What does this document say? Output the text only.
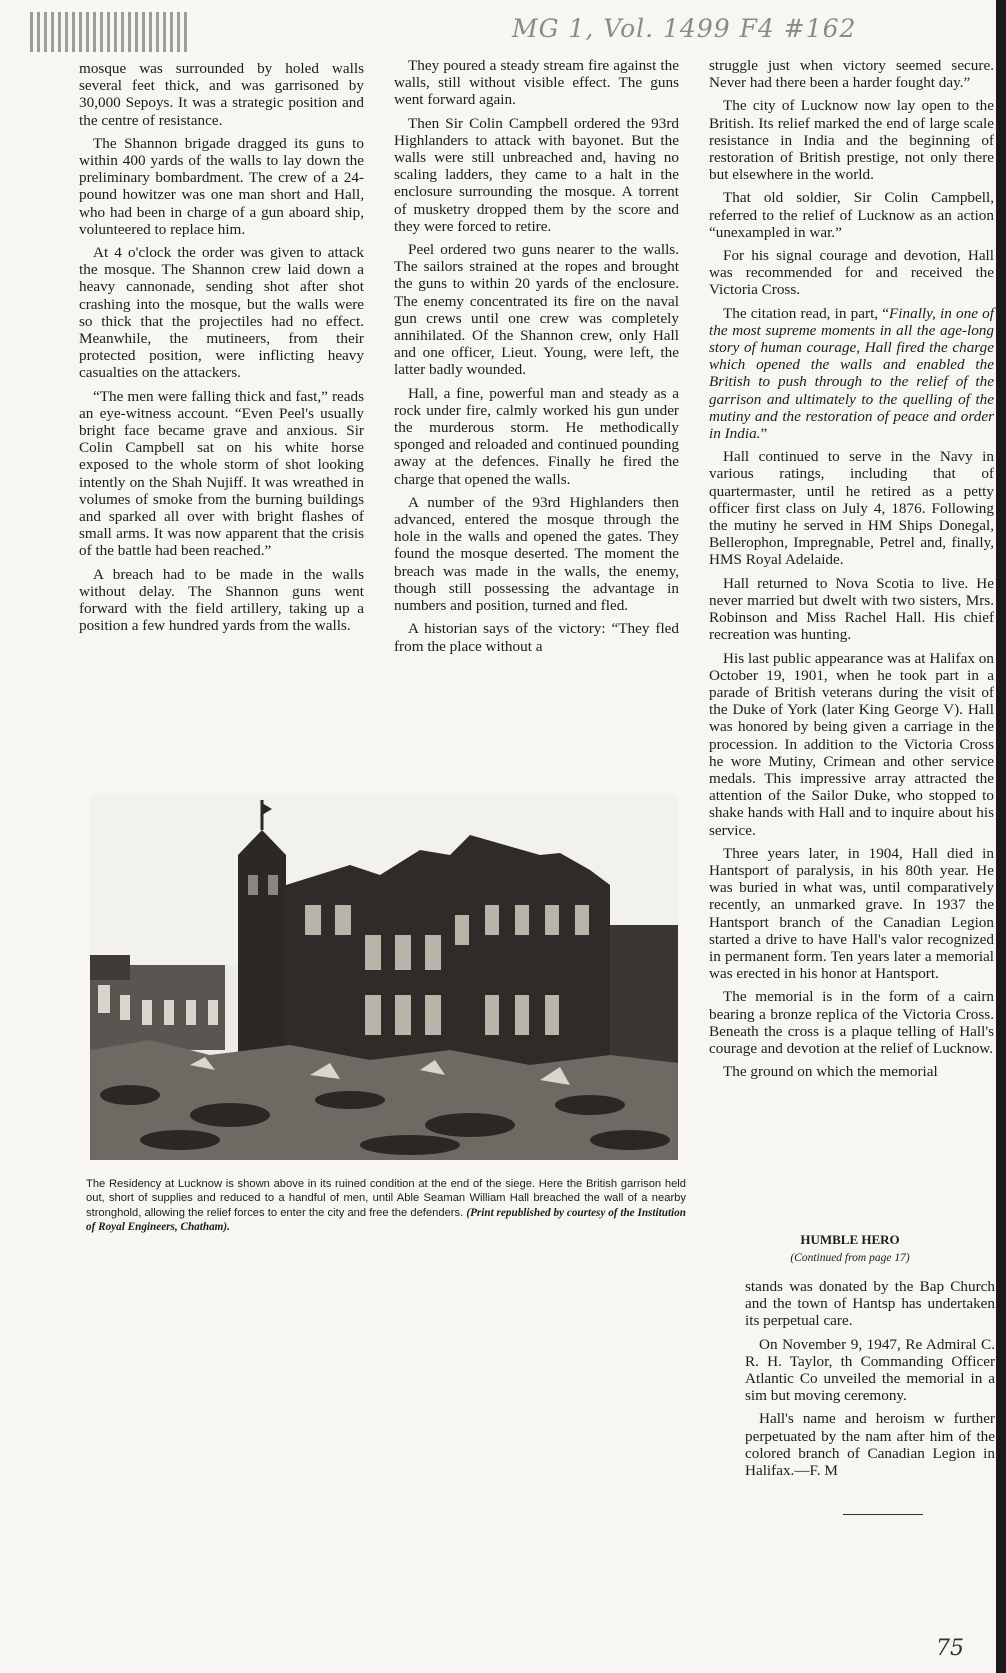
MG 1, Vol. 1499 F4 #162

mosque was surrounded by holed walls several feet thick, and was garrisoned by 30,000 Sepoys. It was a strategic position and the centre of resistance.

The Shannon brigade dragged its guns to within 400 yards of the walls to lay down the preliminary bombardment. The crew of a 24-pound howitzer was one man short and Hall, who had been in charge of a gun aboard ship, volunteered to replace him.

At 4 o'clock the order was given to attack the mosque. The Shannon crew laid down a heavy cannonade, sending shot after shot crashing into the mosque, but the walls were so thick that the projectiles had no effect. Meanwhile, the mutineers, from their protected position, were inflicting heavy casualties on the attackers.

“The men were falling thick and fast,” reads an eye-witness account. “Even Peel's usually bright face became grave and anxious. Sir Colin Campbell sat on his white horse exposed to the whole storm of shot looking intently on the Shah Nujiff. It was wreathed in volumes of smoke from the burning buildings and sparked all over with bright flashes of small arms. It was now apparent that the crisis of the battle had been reached.”

A breach had to be made in the walls without delay. The Shannon guns went forward with the field artillery, taking up a position a few hundred yards from the walls.

They poured a steady stream fire against the walls, still without visible effect. The guns went forward again.

Then Sir Colin Campbell ordered the 93rd Highlanders to attack with bayonet. But the walls were still unbreached and, having no scaling ladders, they came to a halt in the enclosure surrounding the mosque. A torrent of musketry dropped them by the score and they were forced to retire.

Peel ordered two guns nearer to the walls. The sailors strained at the ropes and brought the guns to within 20 yards of the enclosure. The enemy concentrated its fire on the naval gun crews until one crew was completely annihilated. Of the Shannon crew, only Hall and one officer, Lieut. Young, were left, the latter badly wounded.

Hall, a fine, powerful man and steady as a rock under fire, calmly worked his gun under the murderous storm. He methodically sponged and reloaded and continued pounding away at the defences. Finally he fired the charge that opened the walls.

A number of the 93rd Highlanders then advanced, entered the mosque through the hole in the walls and opened the gates. They found the mosque deserted. The moment the breach was made in the walls, the enemy, though still possessing the advantage in numbers and position, turned and fled.

A historian says of the victory: “They fled from the place without a

struggle just when victory seemed secure. Never had there been a harder fought day.”

The city of Lucknow now lay open to the British. Its relief marked the end of large scale resistance in India and the beginning of restoration of British prestige, not only there but elsewhere in the world.

That old soldier, Sir Colin Campbell, referred to the relief of Lucknow as an action “unexampled in war.”

For his signal courage and devotion, Hall was recommended for and received the Victoria Cross.

The citation read, in part, “Finally, in one of the most supreme moments in all the age-long story of human courage, Hall fired the charge which opened the walls and enabled the British to push through to the relief of the garrison and ultimately to the quelling of the mutiny and the restoration of peace and order in India.”

Hall continued to serve in the Navy in various ratings, including that of quartermaster, until he retired as a petty officer first class on July 4, 1876. Following the mutiny he served in HM Ships Donegal, Bellerophon, Impregnable, Petrel and, finally, HMS Royal Adelaide.

Hall returned to Nova Scotia to live. He never married but dwelt with two sisters, Mrs. Robinson and Miss Rachel Hall. His chief recreation was hunting.

His last public appearance was at Halifax on October 19, 1901, when he took part in a parade of British veterans during the visit of the Duke of York (later King George V). Hall was honored by being given a carriage in the procession. In addition to the Victoria Cross he wore Mutiny, Crimean and other service medals. This impressive array attracted the attention of the Sailor Duke, who stopped to shake hands with Hall and to inquire about his service.

Three years later, in 1904, Hall died in Hantsport of paralysis, in his 80th year. He was buried in what was, until comparatively recently, an unmarked grave. In 1937 the Hantsport branch of the Canadian Legion started a drive to have Hall's valor recognized in permanent form. Ten years later a memorial was erected in his honor at Hantsport.

The memorial is in the form of a cairn bearing a bronze replica of the Victoria Cross. Beneath the cross is a plaque telling of Hall's courage and devotion at the relief of Lucknow.

The ground on which the memorial

The Residency at Lucknow is shown above in its ruined condition at the end of the siege. Here the British garrison held out, short of supplies and reduced to a handful of men, until Able Seaman William Hall breached the wall of a nearby stronghold, allowing the relief forces to enter the city and free the defenders. (Print republished by courtesy of the Institution of Royal Engineers, Chatham).
HUMBLE HERO
(Continued from page 17)

stands was donated by the Bap Church and the town of Hantsp has undertaken its perpetual care.

On November 9, 1947, Re Admiral C. R. H. Taylor, th Commanding Officer Atlantic Co unveiled the memorial in a sim but moving ceremony.

Hall's name and heroism w further perpetuated by the nam after him of the colored branch of Canadian Legion in Halifax.—F. M

75
